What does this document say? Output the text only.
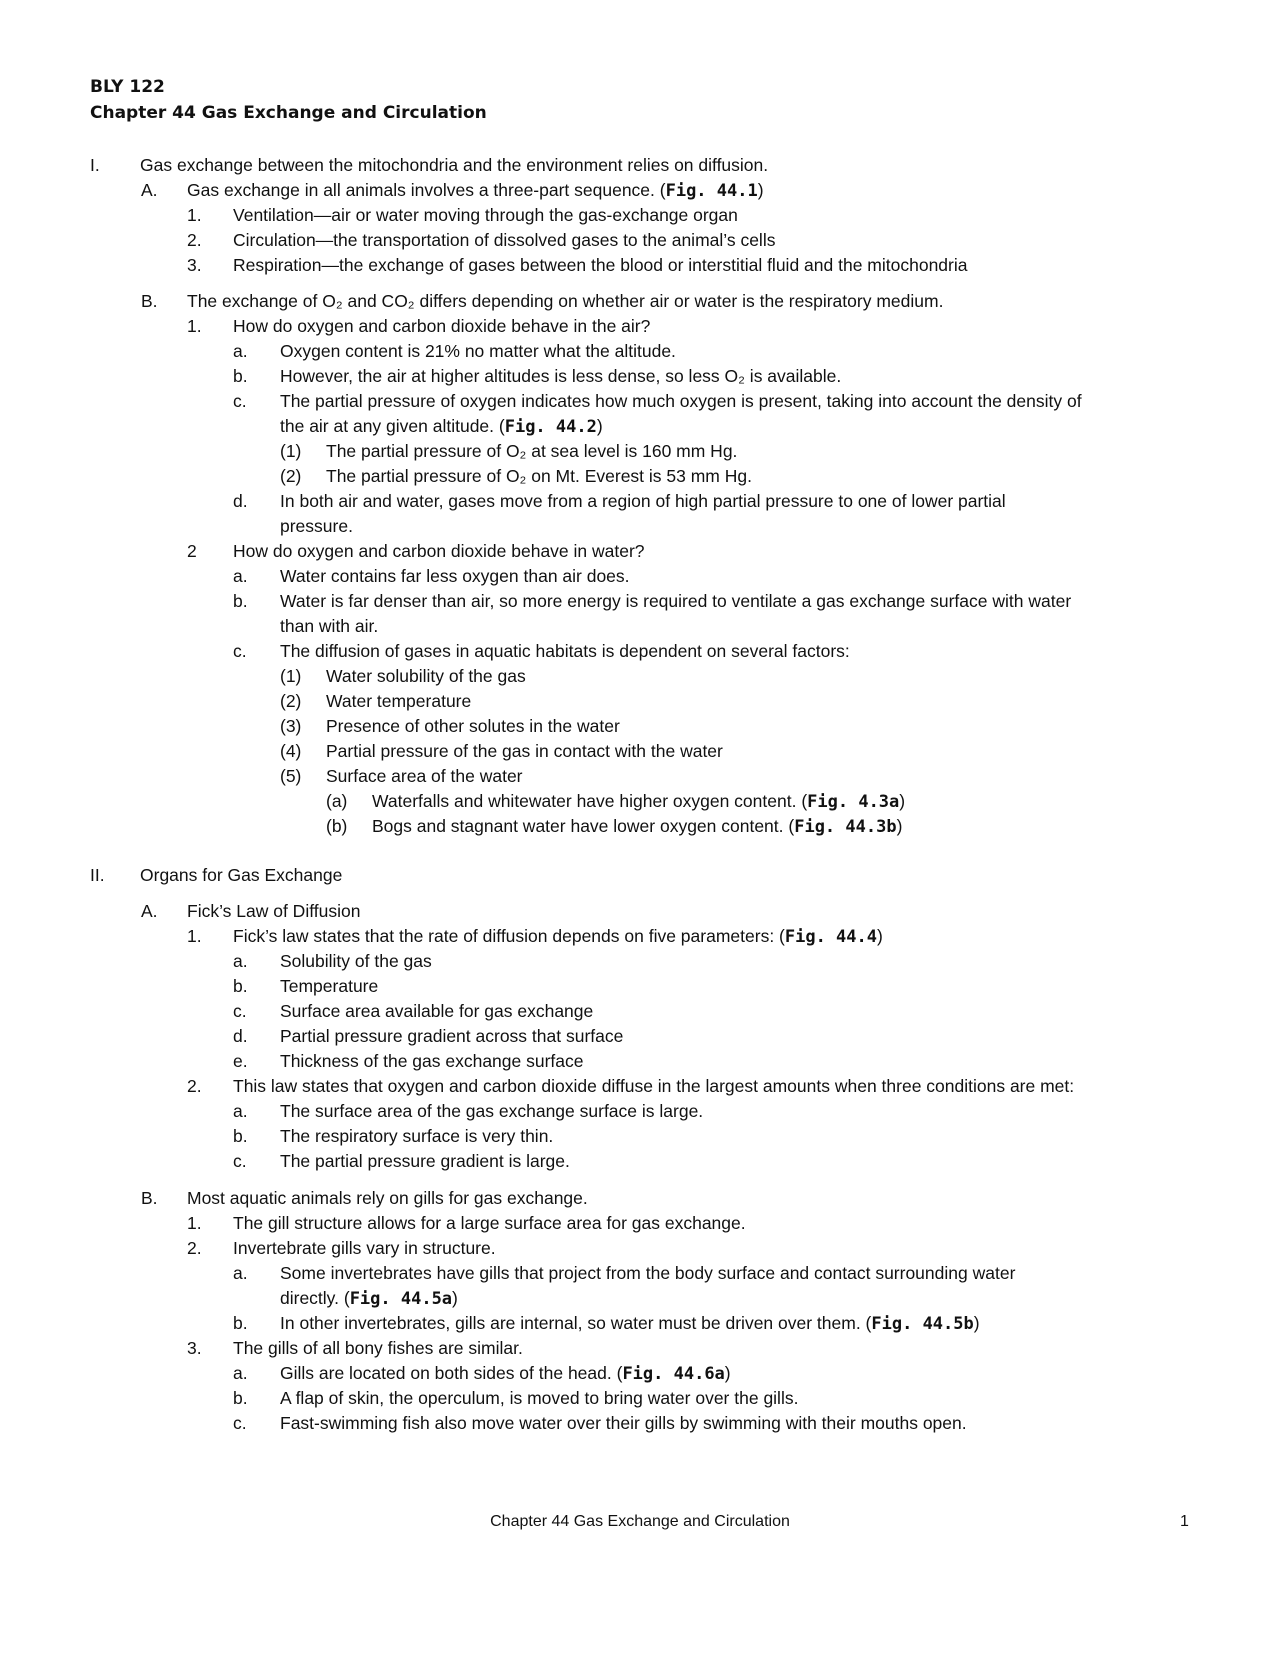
BLY 122
Chapter 44 Gas Exchange and Circulation
I. Gas exchange between the mitochondria and the environment relies on diffusion.
A. Gas exchange in all animals involves a three-part sequence. (Fig. 44.1)
1. Ventilation—air or water moving through the gas-exchange organ
2. Circulation—the transportation of dissolved gases to the animal’s cells
3. Respiration—the exchange of gases between the blood or interstitial fluid and the mitochondria
B. The exchange of O₂ and CO₂ differs depending on whether air or water is the respiratory medium.
1. How do oxygen and carbon dioxide behave in the air?
a. Oxygen content is 21% no matter what the altitude.
b. However, the air at higher altitudes is less dense, so less O₂ is available.
c. The partial pressure of oxygen indicates how much oxygen is present, taking into account the density of
the air at any given altitude. (Fig. 44.2)
(1) The partial pressure of O₂ at sea level is 160 mm Hg.
(2) The partial pressure of O₂ on Mt. Everest is 53 mm Hg.
d. In both air and water, gases move from a region of high partial pressure to one of lower partial
pressure.
2 How do oxygen and carbon dioxide behave in water?
a. Water contains far less oxygen than air does.
b. Water is far denser than air, so more energy is required to ventilate a gas exchange surface with water
than with air.
c. The diffusion of gases in aquatic habitats is dependent on several factors:
(1) Water solubility of the gas
(2) Water temperature
(3) Presence of other solutes in the water
(4) Partial pressure of the gas in contact with the water
(5) Surface area of the water
(a) Waterfalls and whitewater have higher oxygen content. (Fig. 4.3a)
(b) Bogs and stagnant water have lower oxygen content. (Fig. 44.3b)
II. Organs for Gas Exchange
A. Fick’s Law of Diffusion
1. Fick’s law states that the rate of diffusion depends on five parameters: (Fig. 44.4)
a. Solubility of the gas
b. Temperature
c. Surface area available for gas exchange
d. Partial pressure gradient across that surface
e. Thickness of the gas exchange surface
2. This law states that oxygen and carbon dioxide diffuse in the largest amounts when three conditions are met:
a. The surface area of the gas exchange surface is large.
b. The respiratory surface is very thin.
c. The partial pressure gradient is large.
B. Most aquatic animals rely on gills for gas exchange.
1. The gill structure allows for a large surface area for gas exchange.
2. Invertebrate gills vary in structure.
a. Some invertebrates have gills that project from the body surface and contact surrounding water
directly. (Fig. 44.5a)
b. In other invertebrates, gills are internal, so water must be driven over them. (Fig. 44.5b)
3. The gills of all bony fishes are similar.
a. Gills are located on both sides of the head. (Fig. 44.6a)
b. A flap of skin, the operculum, is moved to bring water over the gills.
c. Fast-swimming fish also move water over their gills by swimming with their mouths open.
Chapter 44 Gas Exchange and Circulation	1
